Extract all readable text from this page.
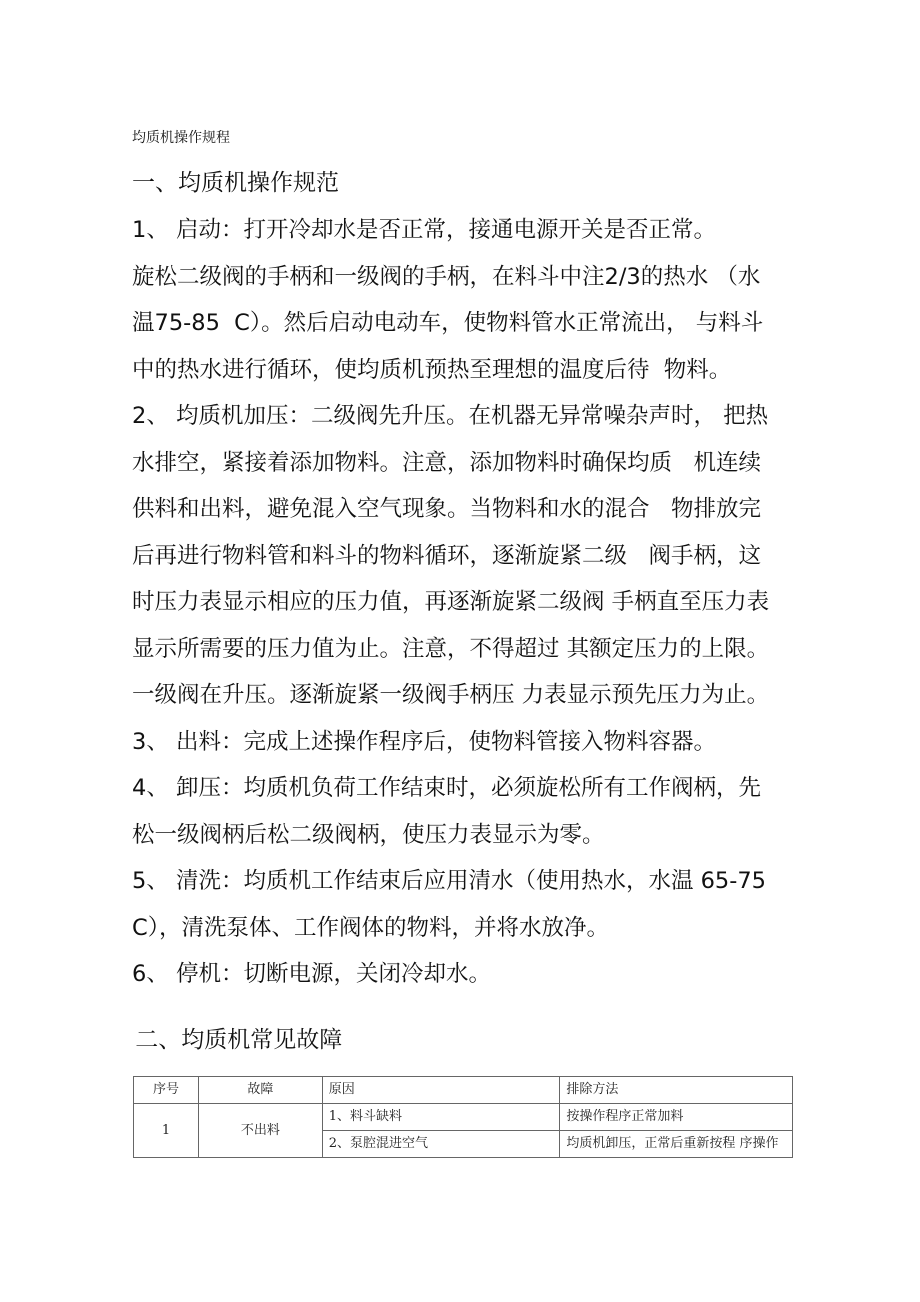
均质机操作规程
一、均质机操作规范
1、 启动：打开冷却水是否正常，接通电源开关是否正常。
旋松二级阀的手柄和一级阀的手柄，在料斗中注2/3的热水 （水
温75-85  C）。然后启动电动车，使物料管水正常流出， 与料斗
中的热水进行循环，使均质机预热至理想的温度后待  物料。
2、 均质机加压：二级阀先升压。在机器无异常噪杂声时， 把热
水排空，紧接着添加物料。注意，添加物料时确保均质   机连续
供料和出料，避免混入空气现象。当物料和水的混合   物排放完
后再进行物料管和料斗的物料循环，逐渐旋紧二级   阀手柄，这
时压力表显示相应的压力值，再逐渐旋紧二级阀 手柄直至压力表
显示所需要的压力值为止。注意，不得超过 其额定压力的上限。
一级阀在升压。逐渐旋紧一级阀手柄压 力表显示预先压力为止。
3、 出料：完成上述操作程序后，使物料管接入物料容器。
4、 卸压：均质机负荷工作结束时，必须旋松所有工作阀柄，先
松一级阀柄后松二级阀柄，使压力表显示为零。
5、 清洗：均质机工作结束后应用清水（使用热水，水温 65-75
C），清洗泵体、工作阀体的物料，并将水放净。
6、 停机：切断电源，关闭冷却水。
二、均质机常见故障
序号	故障	原因	排除方法
1	不出料	1、料斗缺料	按操作程序正常加料
		2、泵腔混进空气	均质机卸压，正常后重新按程 序操作
